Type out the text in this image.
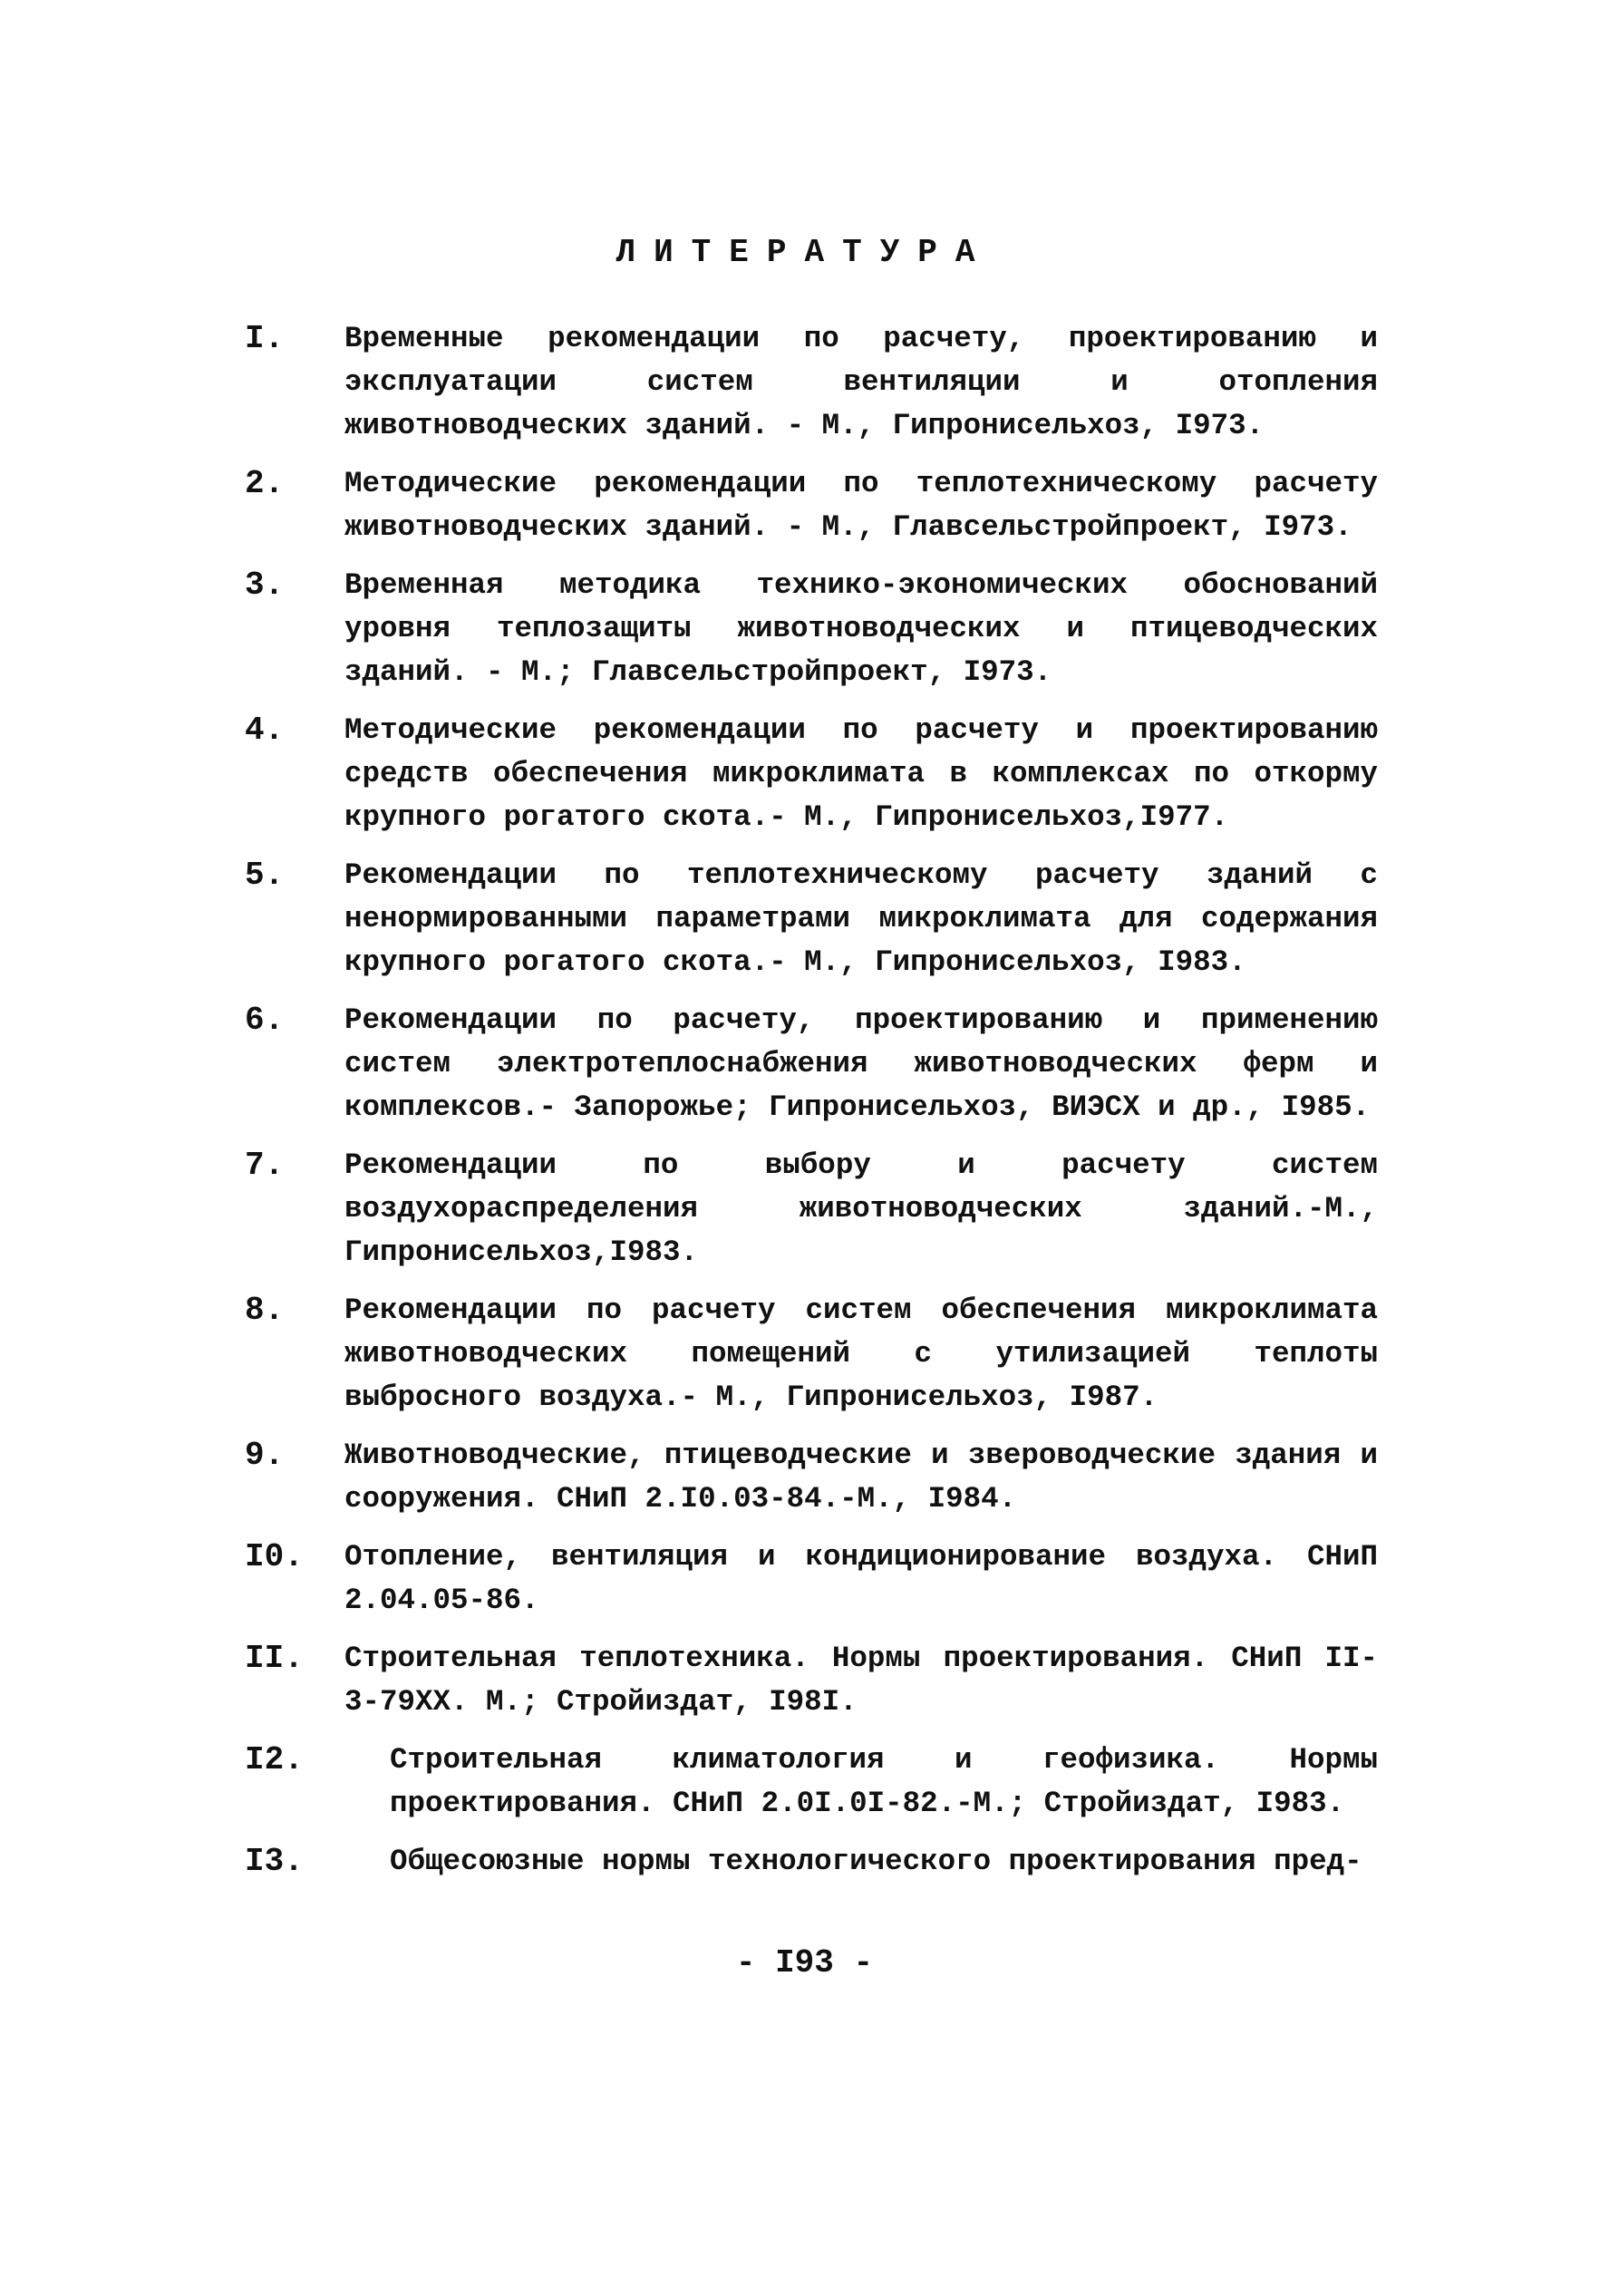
ЛИТЕРАТУРА
I. Временные рекомендации по расчету, проектированию и эксплуатации систем вентиляции и отопления животноводческих зданий. - М., Гипронисельхоз, I973.
2. Методические рекомендации по теплотехническому расчету животноводческих зданий. - М., Главсельстройпроект, I973.
3. Временная методика технико-экономических обоснований уровня теплозащиты животноводческих и птицеводческих зданий. - М.; Главсельстройпроект, I973.
4. Методические рекомендации по расчету и проектированию средств обеспечения микроклимата в комплексах по откорму крупного рогатого скота.- М., Гипронисельхоз,I977.
5. Рекомендации по теплотехническому расчету зданий с ненормированными параметрами микроклимата для содержания крупного рогатого скота.- М., Гипронисельхоз, I983.
6. Рекомендации по расчету, проектированию и применению систем электротеплоснабжения животноводческих ферм и комплексов.- Запорожье; Гипронисельхоз, ВИЭСХ и др., I985.
7. Рекомендации по выбору и расчету систем воздухораспределения животноводческих зданий.-М., Гипронисельхоз,I983.
8. Рекомендации по расчету систем обеспечения микроклимата животноводческих помещений с утилизацией теплоты выбросного воздуха.- М., Гипронисельхоз, I987.
9. Животноводческие, птицеводческие и звероводческие здания и сооружения. СНиП 2.I0.03-84.-М., I984.
I0. Отопление, вентиляция и кондиционирование воздуха. СНиП 2.04.05-86.
II. Строительная теплотехника. Нормы проектирования. СНиП II-3-79ХХ. М.; Стройиздат, I98I.
I2.	Строительная климатология и геофизика. Нормы проектирования. СНиП 2.0I.0I-82.-М.; Стройиздат, I983.
I3.	Общесоюзные нормы технологического проектирования пред-
- I93 -
